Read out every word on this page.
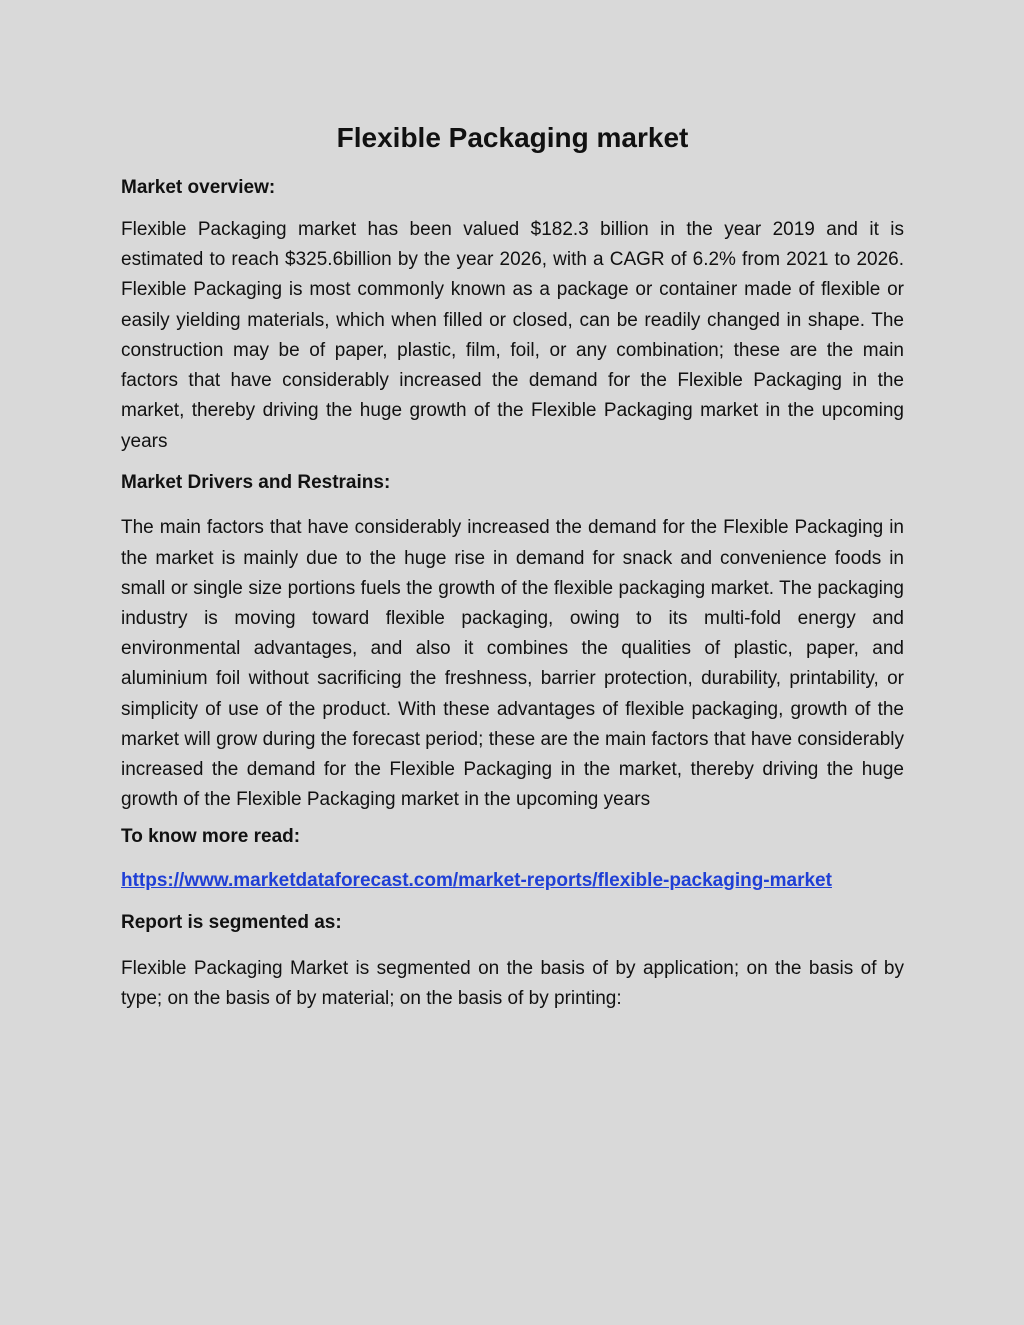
Flexible Packaging market
Market overview:

Flexible Packaging market has been valued $182.3 billion in the year 2019 and it is estimated to reach $325.6billion by the year 2026, with a CAGR of 6.2% from 2021 to 2026. Flexible Packaging is most commonly known as a package or container made of flexible or easily yielding materials, which when filled or closed, can be readily changed in shape. The construction may be of paper, plastic, film, foil, or any combination; these are the main factors that have considerably increased the demand for the Flexible Packaging in the market, thereby driving the huge growth of the Flexible Packaging market in the upcoming years

Market Drivers and Restrains:

The main factors that have considerably increased the demand for the Flexible Packaging in the market is mainly due to the huge rise in demand for snack and convenience foods in small or single size portions fuels the growth of the flexible packaging market. The packaging industry is moving toward flexible packaging, owing to its multi-fold energy and environmental advantages, and also it combines the qualities of plastic, paper, and aluminium foil without sacrificing the freshness, barrier protection, durability, printability, or simplicity of use of the product. With these advantages of flexible packaging, growth of the market will grow during the forecast period; these are the main factors that have considerably increased the demand for the Flexible Packaging in the market, thereby driving the huge growth of the Flexible Packaging market in the upcoming years

To know more read:
https://www.marketdataforecast.com/market-reports/flexible-packaging-market
Report is segmented as:

Flexible Packaging Market is segmented on the basis of by application; on the basis of by type; on the basis of by material; on the basis of by printing:
